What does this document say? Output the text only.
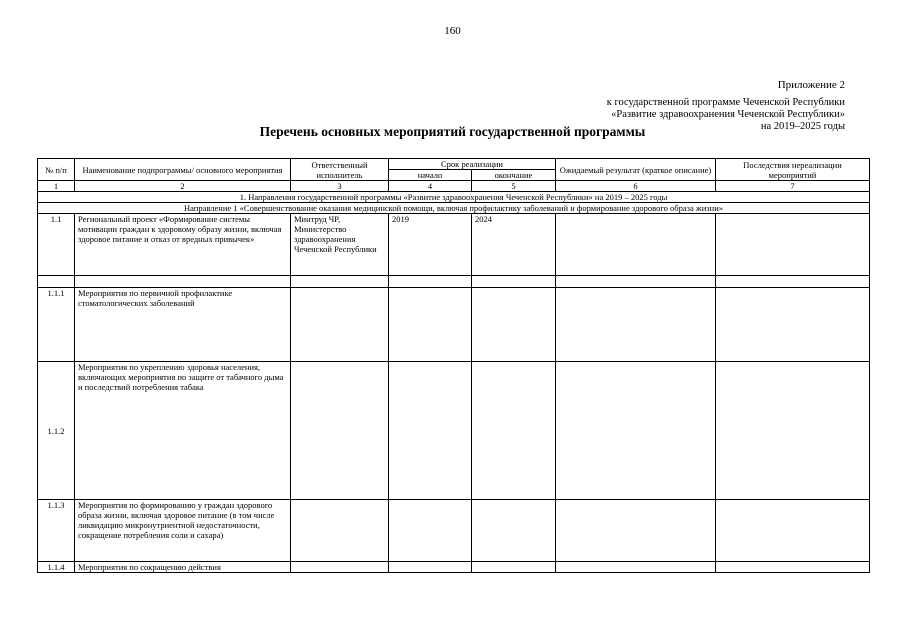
160
Приложение 2
к государственной программе Чеченской Республики
«Развитие здравоохранения Чеченской Республики»
на 2019–2025 годы
Перечень основных мероприятий государственной программы
№ п/п	Наименование подпрограммы/ основного мероприятия	Ответственный исполнитель	Срок реализации		Ожидаемый результат (краткое описание)	Последствия нереализации мероприятий
			начало	окончание		
1	2	3	4	5	6	7
1. Направления государственной программы «Развитие здравоохранения Чеченской Республики» на 2019 – 2025 годы						
Направление 1 «Совершенствование оказания медицинской помощи, включая профилактику заболеваний и формирование здорового образа жизни»						
1.1	Региональный проект «Формирование системы мотивации граждан к здоровому образу жизни, включая здоровое питание и отказ от вредных привычек»	Минтруд ЧР, Министерство здравоохранения Чеченской Республики	2019	2024		

1.1.1	Мероприятия по первичной профилактике стоматологических заболеваний					
1.1.2	Мероприятия по укреплению здоровья населения, включающих мероприятия по защите от табачного дыма и последствий потребления табака					
1.1.3	Мероприятия по формированию у граждан здорового образа жизни, включая здоровое питание (в том числе ликвидацию микронутриентной недостаточности, сокращение потребления соли и сахара)					
1.1.4	Мероприятия по сокращению действия					
